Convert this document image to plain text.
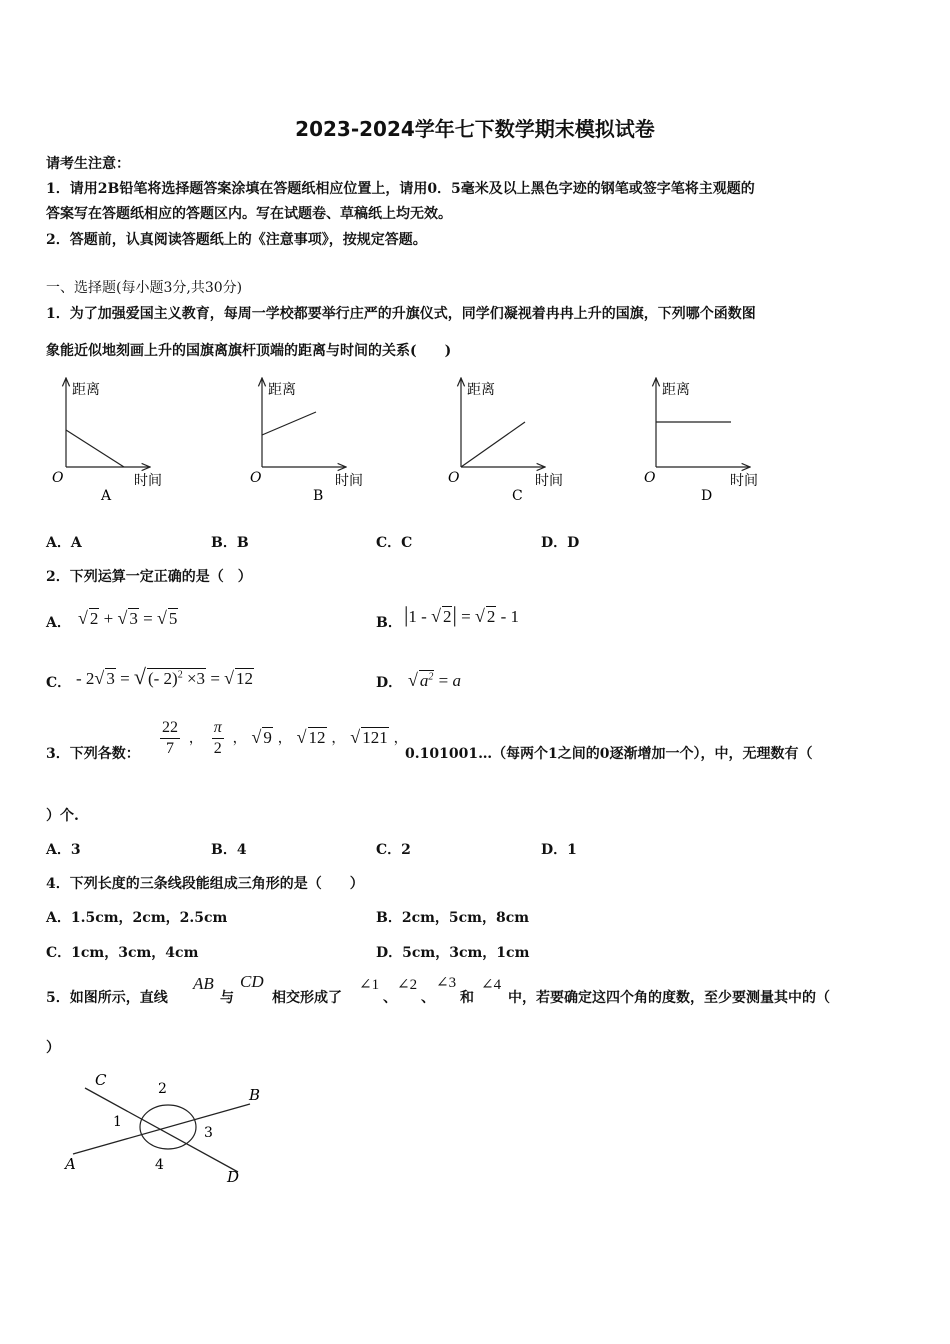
2023-2024学年七下数学期末模拟试卷
请考生注意：
1．请用2B铅笔将选择题答案涂填在答题纸相应位置上，请用0．5毫米及以上黑色字迹的钢笔或签字笔将主观题的
答案写在答题纸相应的答题区内。写在试题卷、草稿纸上均无效。
2．答题前，认真阅读答题纸上的《注意事项》，按规定答题。
一、选择题(每小题3分,共30分)
1．为了加强爱国主义教育，每周一学校都要举行庄严的升旗仪式，同学们凝视着冉冉上升的国旗，下列哪个函数图
象能近似地刻画上升的国旗离旗杆顶端的距离与时间的关系(　　)
距离
时间
O
A
距离
时间
O
B
距离
时间
O
C
距离
时间
O
D
A．A	B．B	C．C	D．D
2．下列运算一定正确的是（　）
A． √ 2 + √ 3 = √ 5	B． |1 - √ 2| = √ 2 - 1
C． - 2√ 3 = √ (- 2)$^2$ ×3 = √ 12	D． √ $a^2 = a$
3．下列各数： $\frac{22}{7}$ ， $\frac{\pi}{2}$ ， √ 9 ， √ 12 ， √ 121 ，
0.101001…（每两个1之间的0逐渐增加一个），中，无理数有（
）个.
A．3	B．4	C．2	D．1
4．下列长度的三条线段能组成三角形的是（　　）
A．1.5cm，2cm，2.5cm	B．2cm，5cm，8cm
C．1cm，3cm，4cm	D．5cm，3cm，1cm
5．如图所示，直线
AB
与
CD
相交形成了
∠1
、
∠2
、
∠3
和
∠4
中，若要确定这四个角的度数，至少要测量其中的（
）
C
B
A
D
1
2
3
4
